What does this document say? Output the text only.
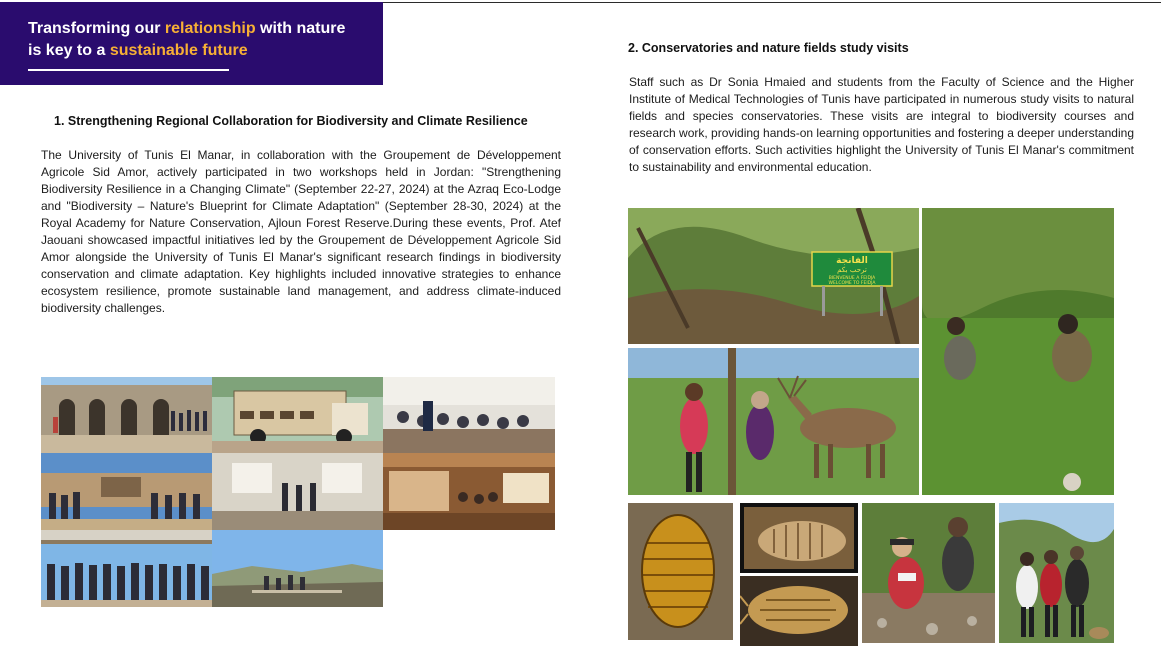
Transforming our relationship with nature
is key to a sustainable future
1. Strengthening Regional Collaboration for Biodiversity and Climate Resilience
The University of Tunis El Manar, in collaboration with the Groupement de Développement Agricole Sid Amor, actively participated in two workshops held in Jordan: "Strengthening Biodiversity Resilience in a Changing Climate" (September 22-27, 2024) at the Azraq Eco-Lodge and "Biodiversity – Nature's Blueprint for Climate Adaptation" (September 28-30, 2024) at the Royal Academy for Nature Conservation, Ajloun Forest Reserve.During these events, Prof. Atef Jaouani showcased impactful initiatives led by the Groupement de Développement Agricole Sid Amor alongside the University of Tunis El Manar's significant research findings in biodiversity conservation and climate adaptation. Key highlights included innovative strategies to enhance ecosystem resilience, promote sustainable land management, and address climate-induced biodiversity challenges.
2. Conservatories and nature fields study visits
Staff such as Dr Sonia Hmaied and students from the Faculty of Science and the Higher Institute of Medical Technologies of Tunis have participated in numerous study visits to natural fields and species conservatories. These visits are integral to biodiversity courses and research work, providing hands-on learning opportunities and fostering a deeper understanding of conservation efforts. Such activities highlight the University of Tunis El Manar's commitment to sustainability and environmental education.
الفانجة
ترحب بكم
BIENVENUE A FEIDJA
WELCOME TO FEIDJA
